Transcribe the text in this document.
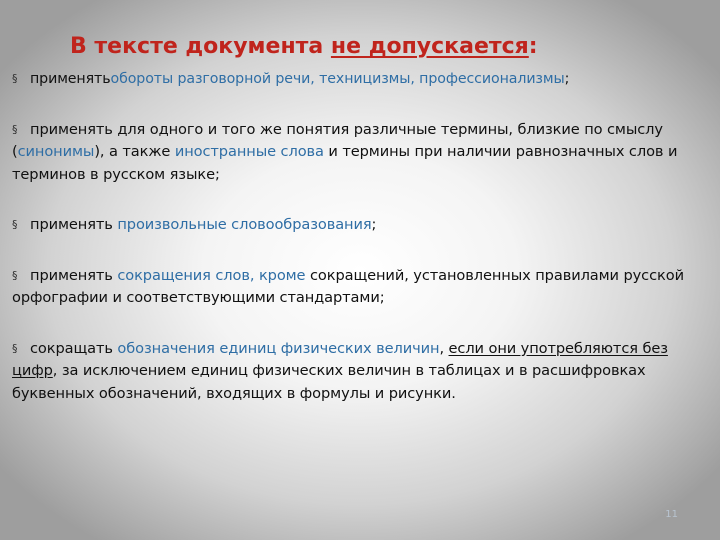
В тексте документа не допускается:
§ применятьобороты разговорной речи, техницизмы, профессионализмы;
§ применять для одного и того же понятия различные термины, близкие по смыслу (синонимы), а также иностранные слова и термины при наличии равнозначных слов и терминов в русском языке;
§ применять произвольные словообразования;
§ применять сокращения слов, кроме сокращений, установленных правилами русской орфографии и соответствующими стандартами;
§ сокращать обозначения единиц физических величин, если они употребляются без цифр, за исключением единиц физических величин в таблицах и в расшифровках буквенных обозначений, входящих в формулы и рисунки.
11
